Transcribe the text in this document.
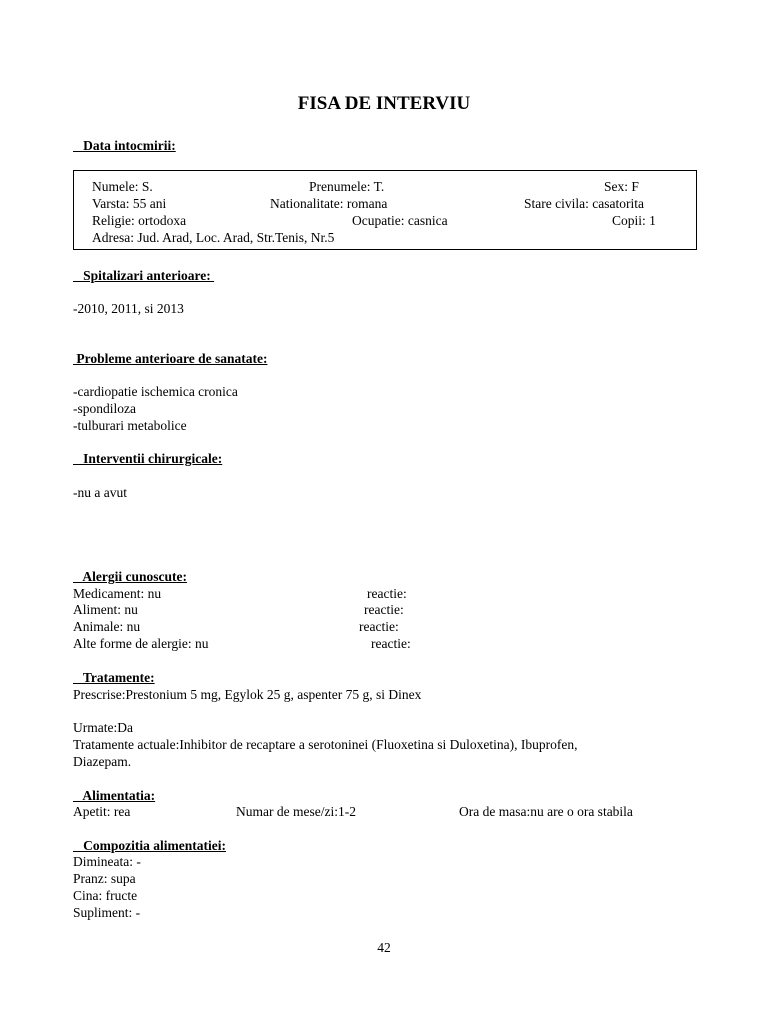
FISA DE INTERVIU
Data intocmirii:
Numele: S.	Prenumele: T.	Sex: F
Varsta: 55 ani	Nationalitate: romana	Stare civila: casatorita
Religie: ortodoxa	Ocupatie: casnica	Copii: 1
Adresa: Jud. Arad, Loc. Arad, Str.Tenis, Nr.5
Spitalizari anterioare:
-2010, 2011, si 2013
Probleme anterioare de sanatate:
-cardiopatie ischemica cronica
-spondiloza
-tulburari metabolice
Interventii chirurgicale:
-nu a avut
Alergii cunoscute:
Medicament: nu	reactie:
Aliment: nu	reactie:
Animale: nu	reactie:
Alte forme de alergie: nu	reactie:
Tratamente:
Prescrise:Prestonium 5 mg, Egylok 25 g, aspenter 75 g, si Dinex
Urmate:Da
Tratamente actuale:Inhibitor de recaptare a serotoninei (Fluoxetina si Duloxetina), Ibuprofen,
Diazepam.
Alimentatia:
Apetit: rea	Numar de mese/zi:1-2	Ora de masa:nu are o ora stabila
Compozitia alimentatiei:
Dimineata: -
Pranz: supa
Cina: fructe
Supliment: -
42
